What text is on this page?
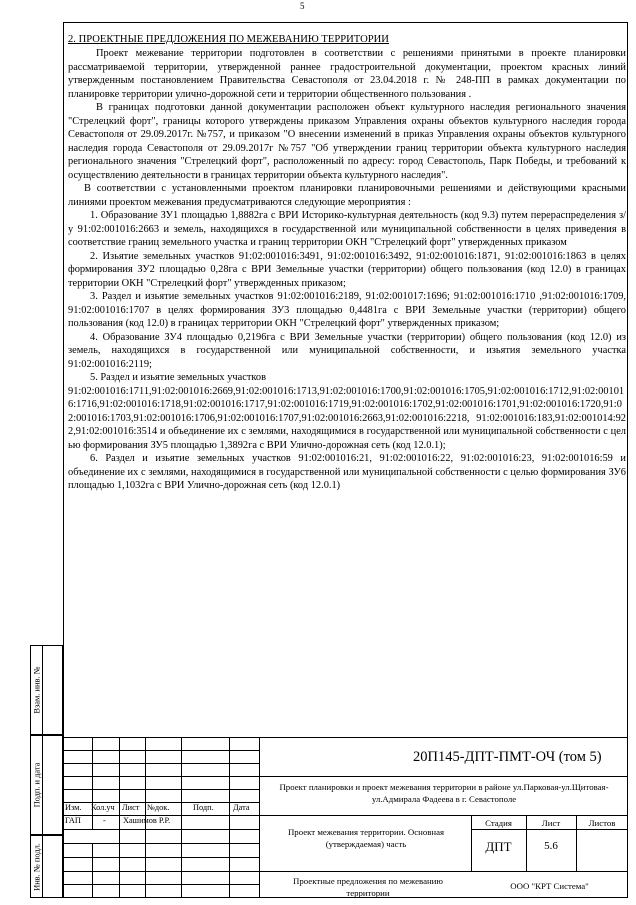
5
2. ПРОЕКТНЫЕ ПРЕДЛОЖЕНИЯ ПО МЕЖЕВАНИЮ ТЕРРИТОРИИ

Проект межевание территории подготовлен в соответствии с решениями принятыми в проекте планировки рассматриваемой территории, утвержденной раннее градостроительной документации, проектом красных линий утвержденным постановлением Правительства Севастополя от 23.04.2018 г. № 248-ПП в рамках документации по планировке территории улично-дорожной сети и территории общественного пользования .

В границах подготовки данной документации расположен объект культурного наследия регионального значения "Стрелецкий форт", границы которого утверждены приказом Управления охраны объектов культурного наследия города Севастополя от 29.09.2017г. №757, и приказом "О внесении изменений в приказ Управления охраны объектов культурного наследия города Севастополя от 29.09.2017г №757 "Об утверждении границ территории объекта культурного наследия регионального значения "Стрелецкий форт", расположенный по адресу: город Севастополь, Парк Победы, и требований к осуществлению деятельности в границах территории объекта культурного наследия".

В соответствии с установленными проектом планировки планировочными решениями и действующими красными линиями проектом межевания предусматриваются следующие мероприятия :

1. Образование ЗУ1 площадью 1,8882га с ВРИ Историко-культурная деятельность (код 9.3) путем перераспределения з/у 91:02:001016:2663 и земель, находящихся в государственной или муниципальной собственности в целях приведения в соответствие границ земельного участка и границ территории ОКН "Стрелецкий форт" утвержденных приказом

2. Изьятие земельных участков 91:02:001016:3491, 91:02:001016:3492, 91:02:001016:1871, 91:02:001016:1863 в целях формирования ЗУ2 площадью 0,28га с ВРИ Земельные участки (территории) общего пользования (код 12.0) в границах территории ОКН "Стрелецкий форт" утвержденных приказом;

3. Раздел и изьятие земельных участков 91:02:001016:2189, 91:02:001017:1696; 91:02:001016:1710 ,91:02:001016:1709, 91:02:001016:1707 в целях формирования ЗУ3 площадью 0,4481га с ВРИ Земельные участки (территории) общего пользования (код 12.0) в границах территории ОКН "Стрелецкий форт" утвержденных приказом;

4. Образование ЗУ4 площадью 0,2196га с ВРИ Земельные участки (территории) общего пользования (код 12.0) из земель, находящихся в государственной или муниципальной собственности, и изьятия земельного участка 91:02:001016:2119;

5. Раздел и изьятие земельных участков

91:02:001016:1711,91:02:001016:2669,91:02:001016:1713,91:02:001016:1700,91:02:001016:1705,91:02:001016:1712,91:02:001016:1716,91:02:001016:1718,91:02:001016:1717,91:02:001016:1719,91:02:001016:1702,91:02:001016:1701,91:02:001016:1720,91:02:001016:1703,91:02:001016:1706,91:02:001016:1707,91:02:001016:2663,91:02:001016:2218, 91:02:001016:183,91:02:001014:922,91:02:001016:3514 и объединение их с землями, находящимися в государственной или муниципальной собственности с целью формирования ЗУ5 площадью 1,3892га с ВРИ Улично-дорожная сеть (код 12.0.1);

6. Раздел и изьятие земельных участков 91:02:001016:21, 91:02:001016:22, 91:02:001016:23, 91:02:001016:59 и объединение их с землями, находящимися в государственной или муниципальной собственности с целью формирования ЗУ6 площадью 1,1032га с ВРИ Улично-дорожная сеть (код 12.0.1)

Взам. инв. №
Подп. и дата
Инв. № подл.
20П145-ДПТ-ПМТ-ОЧ (том 5)
Проект планировки и проект межевания территории в районе ул.Парковая-ул.Щитовая-ул.Адмирала Фадеева в г. Севастополе
Изм. Кол.уч Лист №док.	Подп. Дата
ГАП	- Хашимов Р.Р.
Проект межевания территории. Основная (утверждаемая) часть
Стадия	Лист	Листов
ДПТ	5.6
Проектные предложения по межеванию территории
ООО "КРТ Система"
